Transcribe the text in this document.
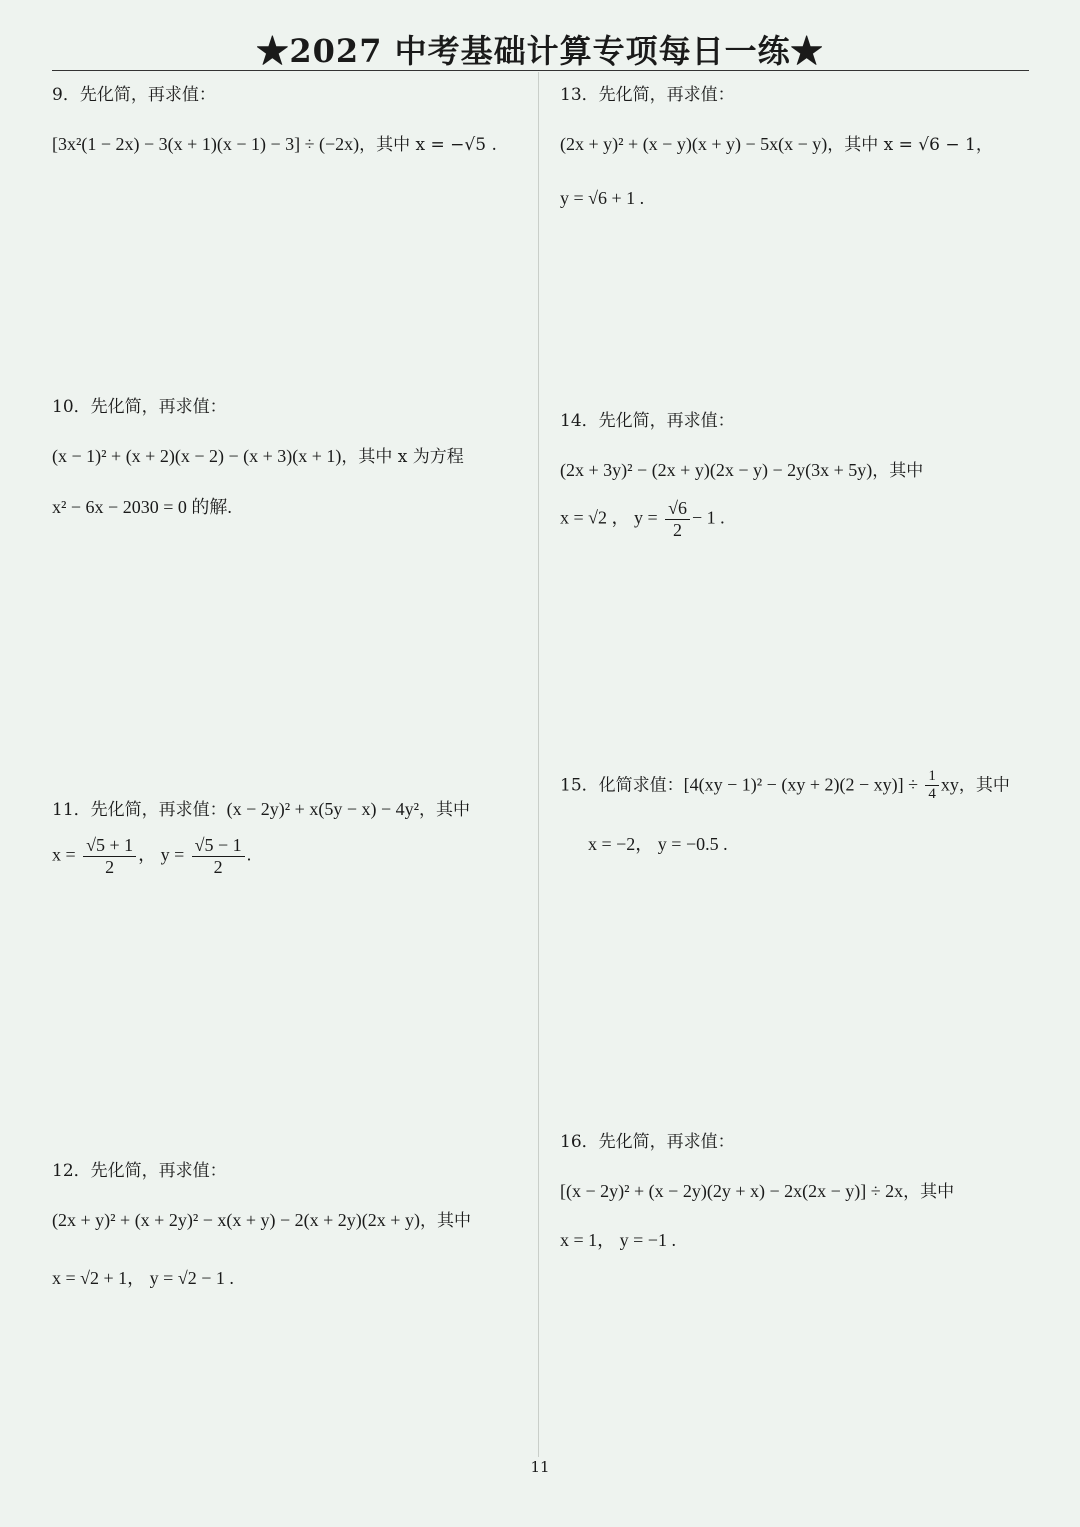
★2027 中考基础计算专项每日一练★
9．先化简，再求值：
[3x²(1 − 2x) − 3(x + 1)(x − 1) − 3] ÷ (−2x)，其中 x = −√5 .
10．先化简，再求值：
(x − 1)² + (x + 2)(x − 2) − (x + 3)(x + 1)，其中 x 为方程
x² − 6x − 2030 = 0 的解.
11．先化简，再求值：(x − 2y)² + x(5y − x) − 4y²，其中
$x = \frac{√5 + 1}{2}$ ， $y = \frac{√5 - 1}{2}$ .
12．先化简，再求值：
(2x + y)² + (x + 2y)² − x(x + y) − 2(x + 2y)(2x + y)，其中
x = √2 + 1， y = √2 − 1 .
13．先化简，再求值：
(2x + y)² + (x − y)(x + y) − 5x(x − y)，其中 x = √6 − 1，
y = √6 + 1 .
14．先化简，再求值：
(2x + 3y)² − (2x + y)(2x − y) − 2y(3x + 5y)，其中
x = √2 ， $y = \frac{√6}{2} - 1$ .
15．化简求值：$[4(xy - 1)^2 - (xy + 2)(2 - xy)] \div \frac{1}{4}$ xy，其中
x = −2， y = −0.5 .
16．先化简，再求值：
[(x − 2y)² + (x − 2y)(2y + x) − 2x(2x − y)] ÷ 2x，其中
x = 1， y = −1 .
11
